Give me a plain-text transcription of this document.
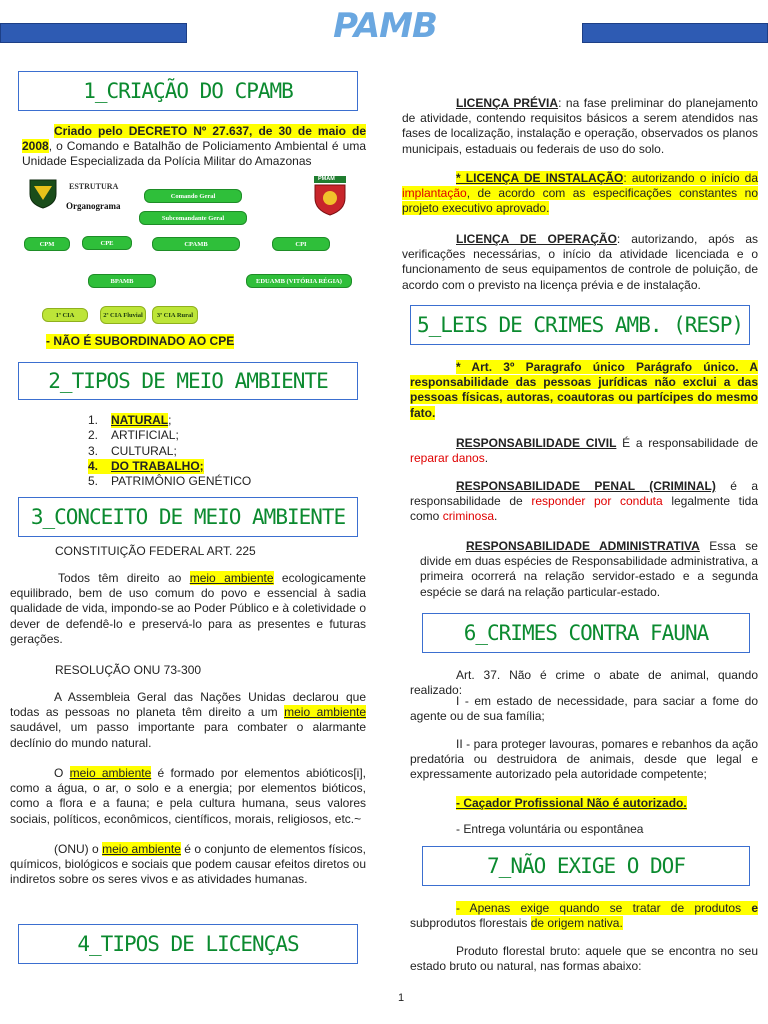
PAMB
1_CRIAÇÃO DO CPAMB

Criado pelo DECRETO Nº 27.637, de 30 de maio de 2008, o Comando e Batalhão de Policiamento Ambiental é uma Unidade Especializada da Polícia Militar do Amazonas

ESTRUTURA
Organograma
PMAM
Comando Geral
Subcomandante Geral
CPM	CPE	CPAMB	CPI
BPAMB	EDUAMB (VITÓRIA RÉGIA)
1ª CIA	2ª CIA Fluvial	3ª CIA Rural
- NÃO É SUBORDINADO AO CPE
2_TIPOS DE MEIO AMBIENTE
1.	NATURAL ;
2.	ARTIFICIAL;
3.	CULTURAL;
4.	DO TRABALHO;
5.	PATRIMÔNIO GENÉTICO
3_CONCEITO DE MEIO AMBIENTE
CONSTITUIÇÃO FEDERAL ART. 225

Todos têm direito ao meio ambiente ecologicamente equilibrado, bem de uso comum do povo e essencial à sadia qualidade de vida, impondo-se ao Poder Público e à coletividade o dever de defendê-lo e preservá-lo para as presentes e futuras gerações.

RESOLUÇÃO ONU 73-300

A Assembleia Geral das Nações Unidas declarou que todas as pessoas no planeta têm direito a um meio ambiente saudável, um passo importante para combater o alarmante declínio do mundo natural.

O meio ambiente é formado por elementos abióticos[i], como a água, o ar, o solo e a energia; por elementos bióticos, como a flora e a fauna; e pela cultura humana, seus valores sociais, políticos, econômicos, científicos, morais, religiosos, etc.~

(ONU) o meio ambiente é o conjunto de elementos físicos, químicos, biológicos e sociais que podem causar efeitos diretos ou indiretos sobre os seres vivos e as atividades humanas.

4_TIPOS DE LICENÇAS

LICENÇA PRÉVIA: na fase preliminar do planejamento de atividade, contendo requisitos básicos a serem atendidos nas fases de localização, instalação e operação, observados os planos municipais, estaduais ou federais de uso do solo.

* LICENÇA DE INSTALAÇÃO: autorizando o início da implantação, de acordo com as especificações constantes no projeto executivo aprovado.

LICENÇA DE OPERAÇÃO: autorizando, após as verificações necessárias, o início da atividade licenciada e o funcionamento de seus equipamentos de controle de poluição, de acordo com o previsto na licença prévia e de instalação.

5_LEIS DE CRIMES AMB. (RESP)

* Art. 3º Paragrafo único Parágrafo único. A responsabilidade das pessoas jurídicas não exclui a das pessoas físicas, autoras, coautoras ou partícipes do mesmo fato.

RESPONSABILIDADE CIVIL É a responsabilidade de reparar danos.

RESPONSABILIDADE PENAL (CRIMINAL) é a responsabilidade de responder por conduta legalmente tida como criminosa.

RESPONSABILIDADE ADMINISTRATIVA Essa se divide em duas espécies de Responsabilidade administrativa, a primeira ocorrerá na relação servidor-estado e a segunda espécie se dará na relação particular-estado.

6_CRIMES CONTRA FAUNA

Art. 37. Não é crime o abate de animal, quando realizado:

I - em estado de necessidade, para saciar a fome do agente ou de sua família;

II - para proteger lavouras, pomares e rebanhos da ação predatória ou destruidora de animais, desde que legal e expressamente autorizado pela autoridade competente;

- Caçador Profissional Não é autorizado.
- Entrega voluntária ou espontânea
7_NÃO EXIGE O DOF

- Apenas exige quando se tratar de produtos e subprodutos florestais de origem nativa.

Produto florestal bruto: aquele que se encontra no seu estado bruto ou natural, nas formas abaixo:

1
